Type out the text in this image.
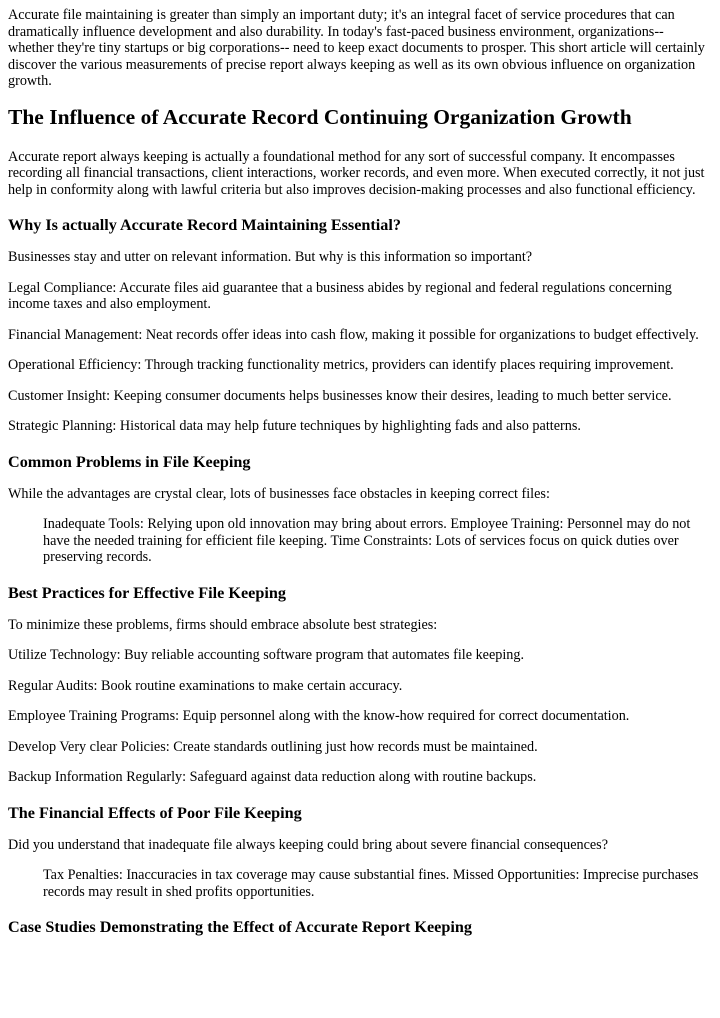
Accurate file maintaining is greater than simply an important duty; it's an integral facet of service procedures that can dramatically influence development and also durability. In today's fast-paced business environment, organizations-- whether they're tiny startups or big corporations-- need to keep exact documents to prosper. This short article will certainly discover the various measurements of precise report always keeping as well as its own obvious influence on organization growth.

The Influence of Accurate Record Continuing Organization Growth

Accurate report always keeping is actually a foundational method for any sort of successful company. It encompasses recording all financial transactions, client interactions, worker records, and even more. When executed correctly, it not just help in conformity along with lawful criteria but also improves decision-making processes and also functional efficiency.

Why Is actually Accurate Record Maintaining Essential?

Businesses stay and utter on relevant information. But why is this information so important?

Legal Compliance: Accurate files aid guarantee that a business abides by regional and federal regulations concerning income taxes and also employment.

Financial Management: Neat records offer ideas into cash flow, making it possible for organizations to budget effectively.

Operational Efficiency: Through tracking functionality metrics, providers can identify places requiring improvement.

Customer Insight: Keeping consumer documents helps businesses know their desires, leading to much better service.

Strategic Planning: Historical data may help future techniques by highlighting fads and also patterns.

Common Problems in File Keeping

While the advantages are crystal clear, lots of businesses face obstacles in keeping correct files:

Inadequate Tools: Relying upon old innovation may bring about errors. Employee Training: Personnel may do not have the needed training for efficient file keeping. Time Constraints: Lots of services focus on quick duties over preserving records.
Best Practices for Effective File Keeping

To minimize these problems, firms should embrace absolute best strategies:

Utilize Technology: Buy reliable accounting software program that automates file keeping.

Regular Audits: Book routine examinations to make certain accuracy.

Employee Training Programs: Equip personnel along with the know-how required for correct documentation.

Develop Very clear Policies: Create standards outlining just how records must be maintained.

Backup Information Regularly: Safeguard against data reduction along with routine backups.

The Financial Effects of Poor File Keeping

Did you understand that inadequate file always keeping could bring about severe financial consequences?

Tax Penalties: Inaccuracies in tax coverage may cause substantial fines. Missed Opportunities: Imprecise purchases records may result in shed profits opportunities.
Case Studies Demonstrating the Effect of Accurate Report Keeping
